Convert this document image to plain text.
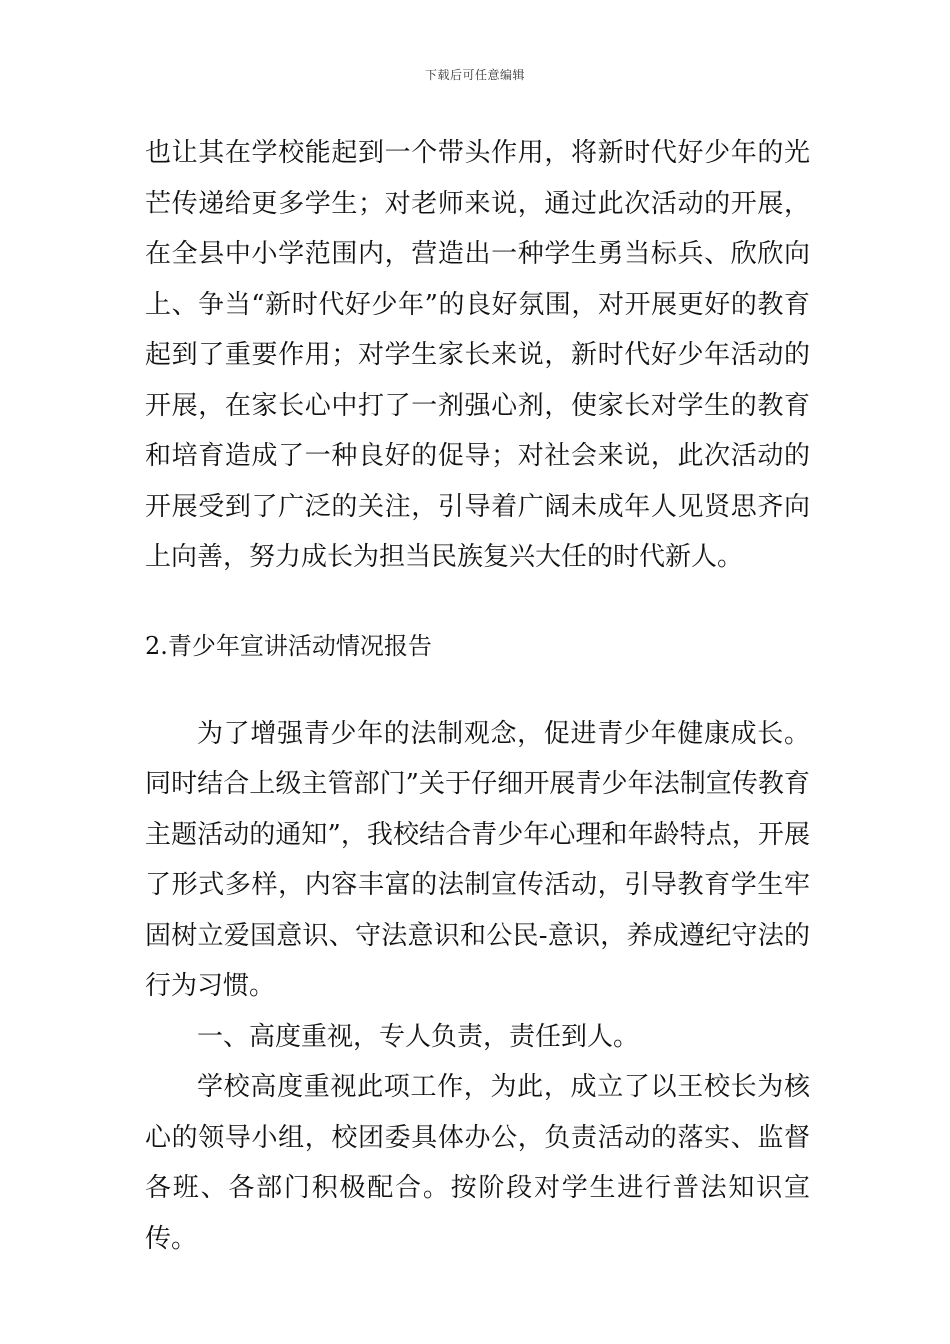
下载后可任意编辑

也让其在学校能起到一个带头作用，将新时代好少年的光芒传递给更多学生；对老师来说，通过此次活动的开展，在全县中小学范围内，营造出一种学生勇当标兵、欣欣向上、争当“新时代好少年”的良好氛围，对开展更好的教育起到了重要作用；对学生家长来说，新时代好少年活动的开展，在家长心中打了一剂强心剂，使家长对学生的教育和培育造成了一种良好的促导；对社会来说，此次活动的开展受到了广泛的关注，引导着广阔未成年人见贤思齐向上向善，努力成长为担当民族复兴大任的时代新人。

2.青少年宣讲活动情况报告

为了增强青少年的法制观念，促进青少年健康成长。同时结合上级主管部门”关于仔细开展青少年法制宣传教育主题活动的通知”，我校结合青少年心理和年龄特点，开展了形式多样，内容丰富的法制宣传活动，引导教育学生牢固树立爱国意识、守法意识和公民-意识，养成遵纪守法的行为习惯。

一、高度重视，专人负责，责任到人。

学校高度重视此项工作，为此，成立了以王校长为核心的领导小组，校团委具体办公，负责活动的落实、监督各班、各部门积极配合。按阶段对学生进行普法知识宣传。
